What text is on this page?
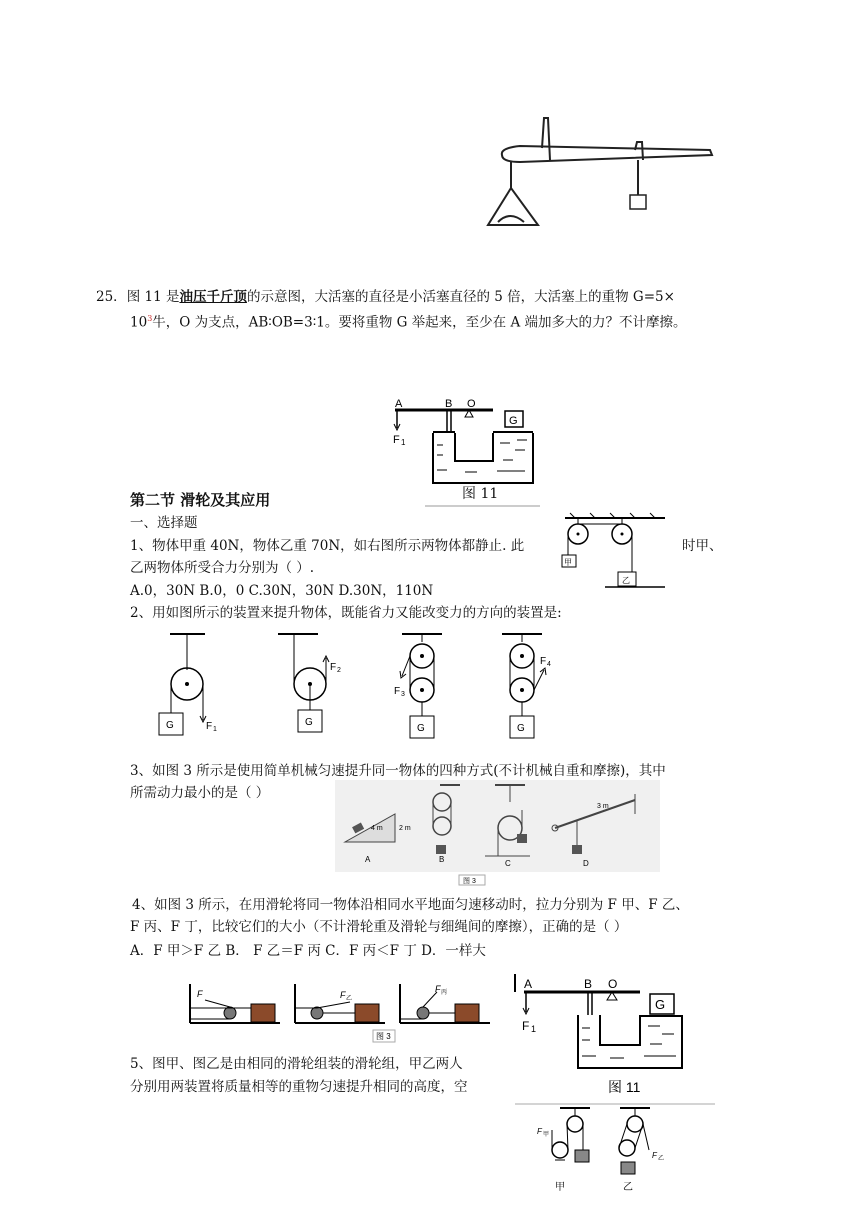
25．图 11 是油压千斤顶的示意图，大活塞的直径是小活塞直径的 5 倍，大活塞上的重物 G=5×
$10^3$牛，O 为支点，AB∶OB=3∶1。要将重物 G 举起来，至少在 A 端加多大的力？不计摩擦。
A	B O
F 1
G
图 11
第二节 滑轮及其应用
一、选择题
1、物体甲重 40N，物体乙重 70N，如右图所示两物体都静止. 此	时甲、
乙两物体所受合力分别为（ ）.
A.0，30N B.0，0 C.30N，30N D.30N，110N
甲
乙
2、用如图所示的装置来提升物体，既能省力又能改变力的方向的装置是:
G	F 1
G
F 2
G
F 3
G
F 4
3、如图 3 所示是使用简单机械匀速提升同一物体的四种方式(不计机械自重和摩擦)，其中
所需动力最小的是（ ）
4 m 2 m
A	B	C
3 m
D
图 3
4、如图 3 所示，在用滑轮将同一物体沿相同水平地面匀速移动时，拉力分别为 F 甲、F 乙、
F 丙、F 丁，比较它们的大小（不计滑轮重及滑轮与细绳间的摩擦），正确的是（ ）
A．F 甲＞F 乙 B． F 乙＝F 丙 C．F 丙＜F 丁 D．一样大
F	F 乙
F 丙
图 3
A	B O
F 1
G
图 11
5、图甲、图乙是由相同的滑轮组装的滑轮组，甲乙两人
分别用两装置将质量相等的重物匀速提升相同的高度，空
F 甲
甲
F 乙
乙
